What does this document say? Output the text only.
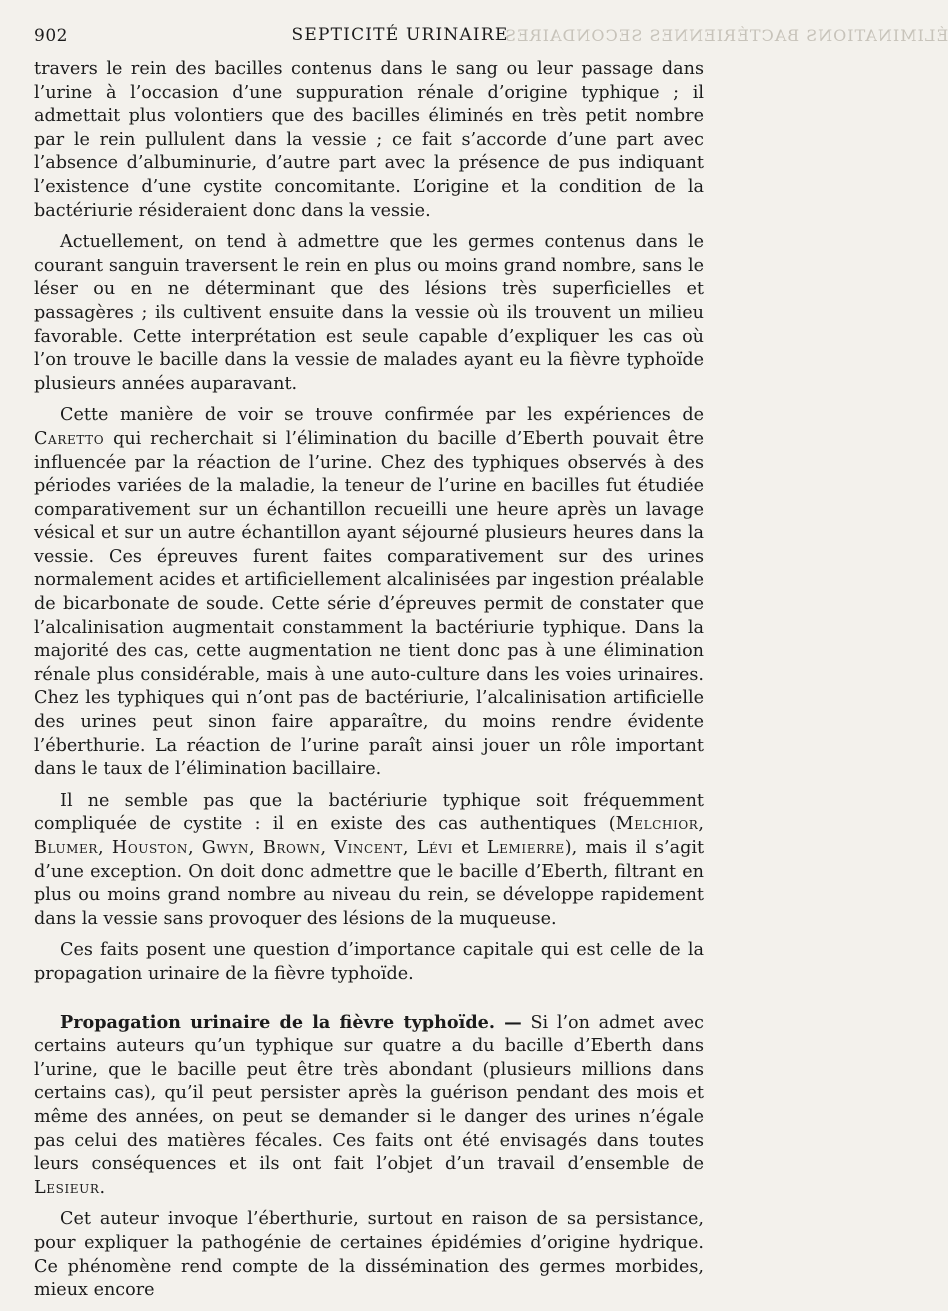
902	SEPTICITÉ URINAIRE
ÉLIMINATIONS BACTÉRIENNES SECONDAIRES

travers le rein des bacilles contenus dans le sang ou leur passage dans l’urine à l’occasion d’une suppuration rénale d’origine typhique ; il admettait plus volontiers que des bacilles éliminés en très petit nombre par le rein pullulent dans la vessie ; ce fait s’accorde d’une part avec l’absence d’albuminurie, d’autre part avec la présence de pus indiquant l’existence d’une cystite concomitante. L’origine et la condition de la bactériurie résideraient donc dans la vessie.

Actuellement, on tend à admettre que les germes contenus dans le courant sanguin traversent le rein en plus ou moins grand nombre, sans le léser ou en ne déterminant que des lésions très superficielles et passagères ; ils cultivent ensuite dans la vessie où ils trouvent un milieu favorable. Cette interprétation est seule capable d’expliquer les cas où l’on trouve le bacille dans la vessie de malades ayant eu la fièvre typhoïde plusieurs années auparavant.

Cette manière de voir se trouve confirmée par les expériences de Caretto qui recherchait si l’élimination du bacille d’Eberth pouvait être influencée par la réaction de l’urine. Chez des typhiques observés à des périodes variées de la maladie, la teneur de l’urine en bacilles fut étudiée comparativement sur un échantillon recueilli une heure après un lavage vésical et sur un autre échantillon ayant séjourné plusieurs heures dans la vessie. Ces épreuves furent faites comparativement sur des urines normalement acides et artificiellement alcalinisées par ingestion préalable de bicarbonate de soude. Cette série d’épreuves permit de constater que l’alcalinisation augmentait constamment la bactériurie typhique. Dans la majorité des cas, cette augmentation ne tient donc pas à une élimination rénale plus considérable, mais à une auto-culture dans les voies urinaires. Chez les typhiques qui n’ont pas de bactériurie, l’alcalinisation artificielle des urines peut sinon faire apparaître, du moins rendre évidente l’éberthurie. La réaction de l’urine paraît ainsi jouer un rôle important dans le taux de l’élimination bacillaire.

Il ne semble pas que la bactériurie typhique soit fréquemment compliquée de cystite : il en existe des cas authentiques (Melchior, Blumer, Houston, Gwyn, Brown, Vincent, Lévi et Lemierre), mais il s’agit d’une exception. On doit donc admettre que le bacille d’Eberth, filtrant en plus ou moins grand nombre au niveau du rein, se développe rapidement dans la vessie sans provoquer des lésions de la muqueuse.

Ces faits posent une question d’importance capitale qui est celle de la propagation urinaire de la fièvre typhoïde.

Propagation urinaire de la fièvre typhoïde. — Si l’on admet avec certains auteurs qu’un typhique sur quatre a du bacille d’Eberth dans l’urine, que le bacille peut être très abondant (plusieurs millions dans certains cas), qu’il peut persister après la guérison pendant des mois et même des années, on peut se demander si le danger des urines n’égale pas celui des matières fécales. Ces faits ont été envisagés dans toutes leurs conséquences et ils ont fait l’objet d’un travail d’ensemble de Lesieur.

Cet auteur invoque l’éberthurie, surtout en raison de sa persistance, pour expliquer la pathogénie de certaines épidémies d’origine hydrique. Ce phénomène rend compte de la dissémination des germes morbides, mieux encore
